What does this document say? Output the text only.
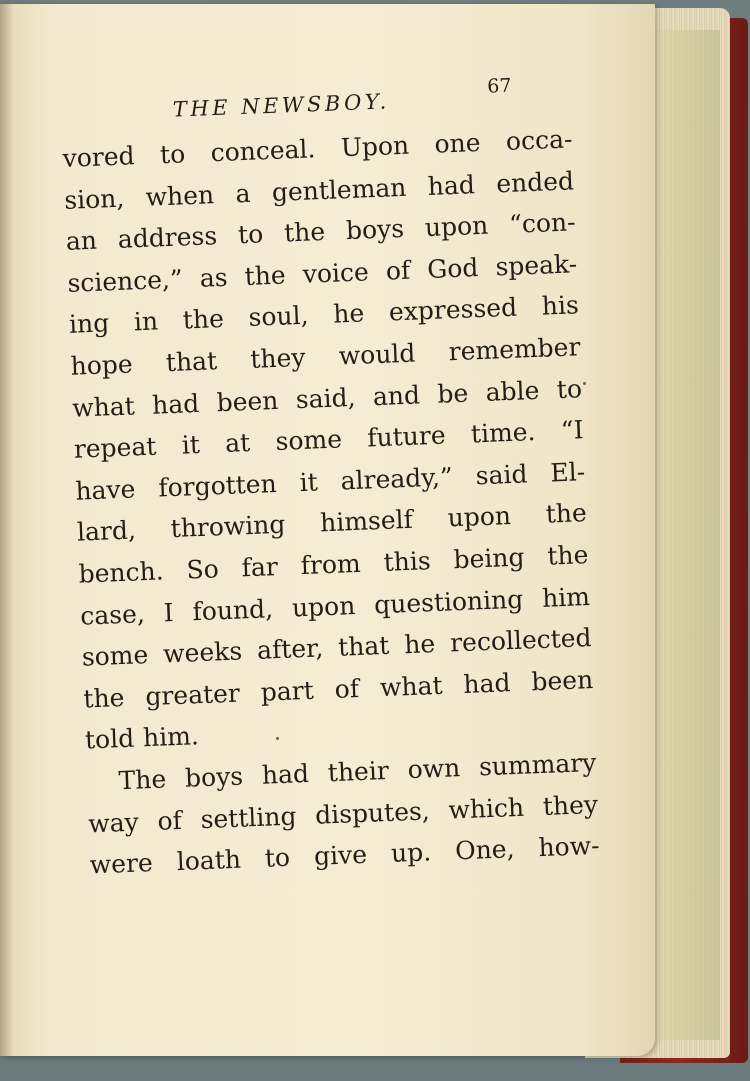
THE NEWSBOY.
67
vored to conceal. Upon one occa-
sion, when a gentleman had ended
an address to the boys upon “con-
science,” as the voice of God speak-
ing in the soul, he expressed his
hope that they would remember
what had been said, and be able to
repeat it at some future time. “I
have forgotten it already,” said El-
lard, throwing himself upon the
bench. So far from this being the
case, I found, upon questioning him
some weeks after, that he recollected
the greater part of what had been
told him.
The boys had their own summary
way of settling disputes, which they
were loath to give up. One, how-
